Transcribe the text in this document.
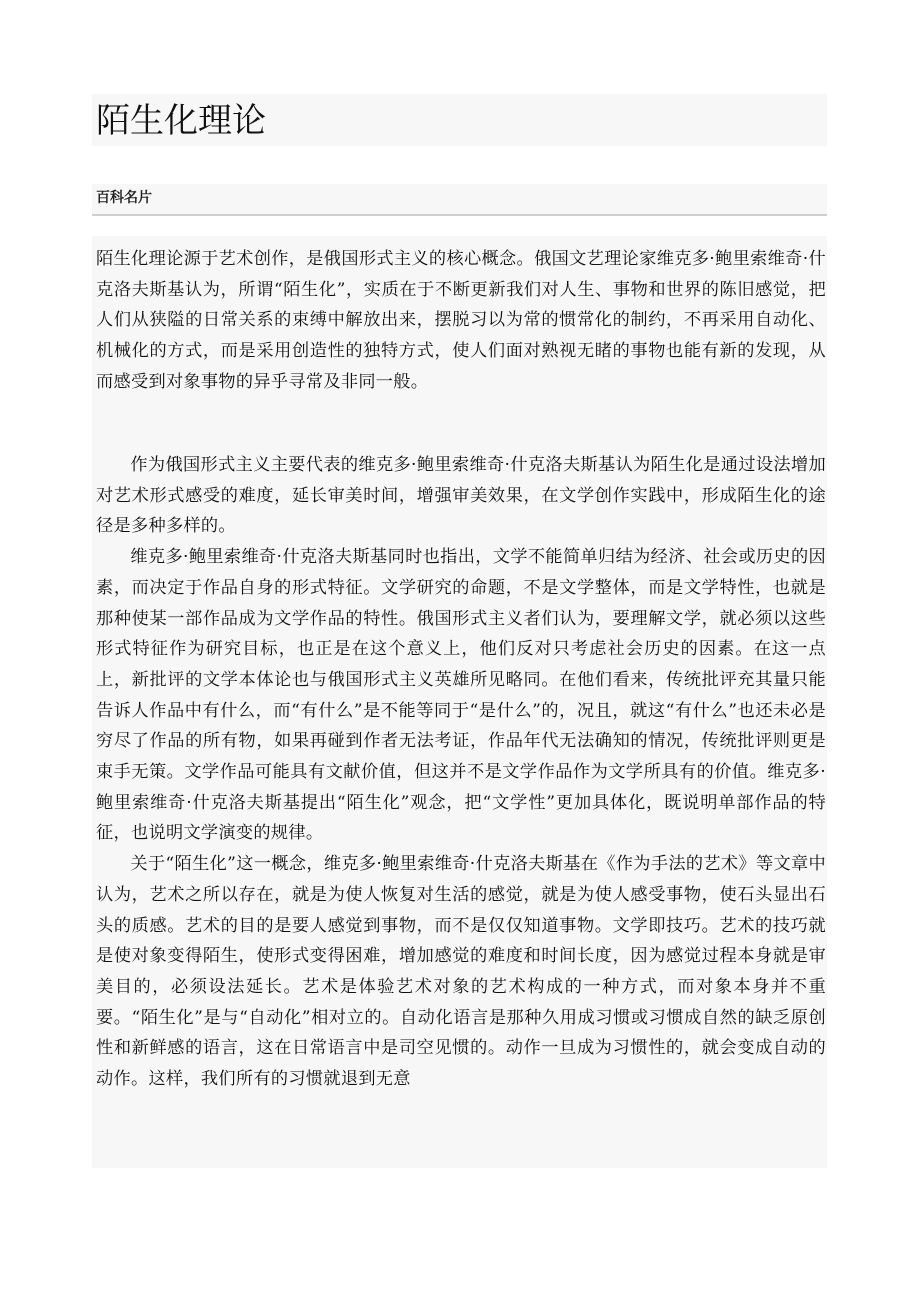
陌生化理论
百科名片

陌生化理论源于艺术创作，是俄国形式主义的核心概念。俄国文艺理论家维克多·鲍里索维奇·什克洛夫斯基认为，所谓“陌生化”，实质在于不断更新我们对人生、事物和世界的陈旧感觉，把人们从狭隘的日常关系的束缚中解放出来，摆脱习以为常的惯常化的制约，不再采用自动化、机械化的方式，而是采用创造性的独特方式，使人们面对熟视无睹的事物也能有新的发现，从而感受到对象事物的异乎寻常及非同一般。

作为俄国形式主义主要代表的维克多·鲍里索维奇·什克洛夫斯基认为陌生化是通过设法增加对艺术形式感受的难度，延长审美时间，增强审美效果，在文学创作实践中，形成陌生化的途径是多种多样的。

维克多·鲍里索维奇·什克洛夫斯基同时也指出，文学不能简单归结为经济、社会或历史的因素，而决定于作品自身的形式特征。文学研究的命题，不是文学整体，而是文学特性，也就是那种使某一部作品成为文学作品的特性。俄国形式主义者们认为，要理解文学，就必须以这些形式特征作为研究目标，也正是在这个意义上，他们反对只考虑社会历史的因素。在这一点上，新批评的文学本体论也与俄国形式主义英雄所见略同。在他们看来，传统批评充其量只能告诉人作品中有什么，而“有什么”是不能等同于“是什么”的，况且，就这“有什么”也还未必是穷尽了作品的所有物，如果再碰到作者无法考证，作品年代无法确知的情况，传统批评则更是束手无策。文学作品可能具有文献价值，但这并不是文学作品作为文学所具有的价值。维克多·鲍里索维奇·什克洛夫斯基提出“陌生化”观念，把“文学性”更加具体化，既说明单部作品的特征，也说明文学演变的规律。

关于“陌生化”这一概念，维克多·鲍里索维奇·什克洛夫斯基在《作为手法的艺术》等文章中认为，艺术之所以存在，就是为使人恢复对生活的感觉，就是为使人感受事物，使石头显出石头的质感。艺术的目的是要人感觉到事物，而不是仅仅知道事物。文学即技巧。艺术的技巧就是使对象变得陌生，使形式变得困难，增加感觉的难度和时间长度，因为感觉过程本身就是审美目的，必须设法延长。艺术是体验艺术对象的艺术构成的一种方式，而对象本身并不重要。“陌生化”是与“自动化”相对立的。自动化语言是那种久用成习惯或习惯成自然的缺乏原创性和新鲜感的语言，这在日常语言中是司空见惯的。动作一旦成为习惯性的，就会变成自动的动作。这样，我们所有的习惯就退到无意
